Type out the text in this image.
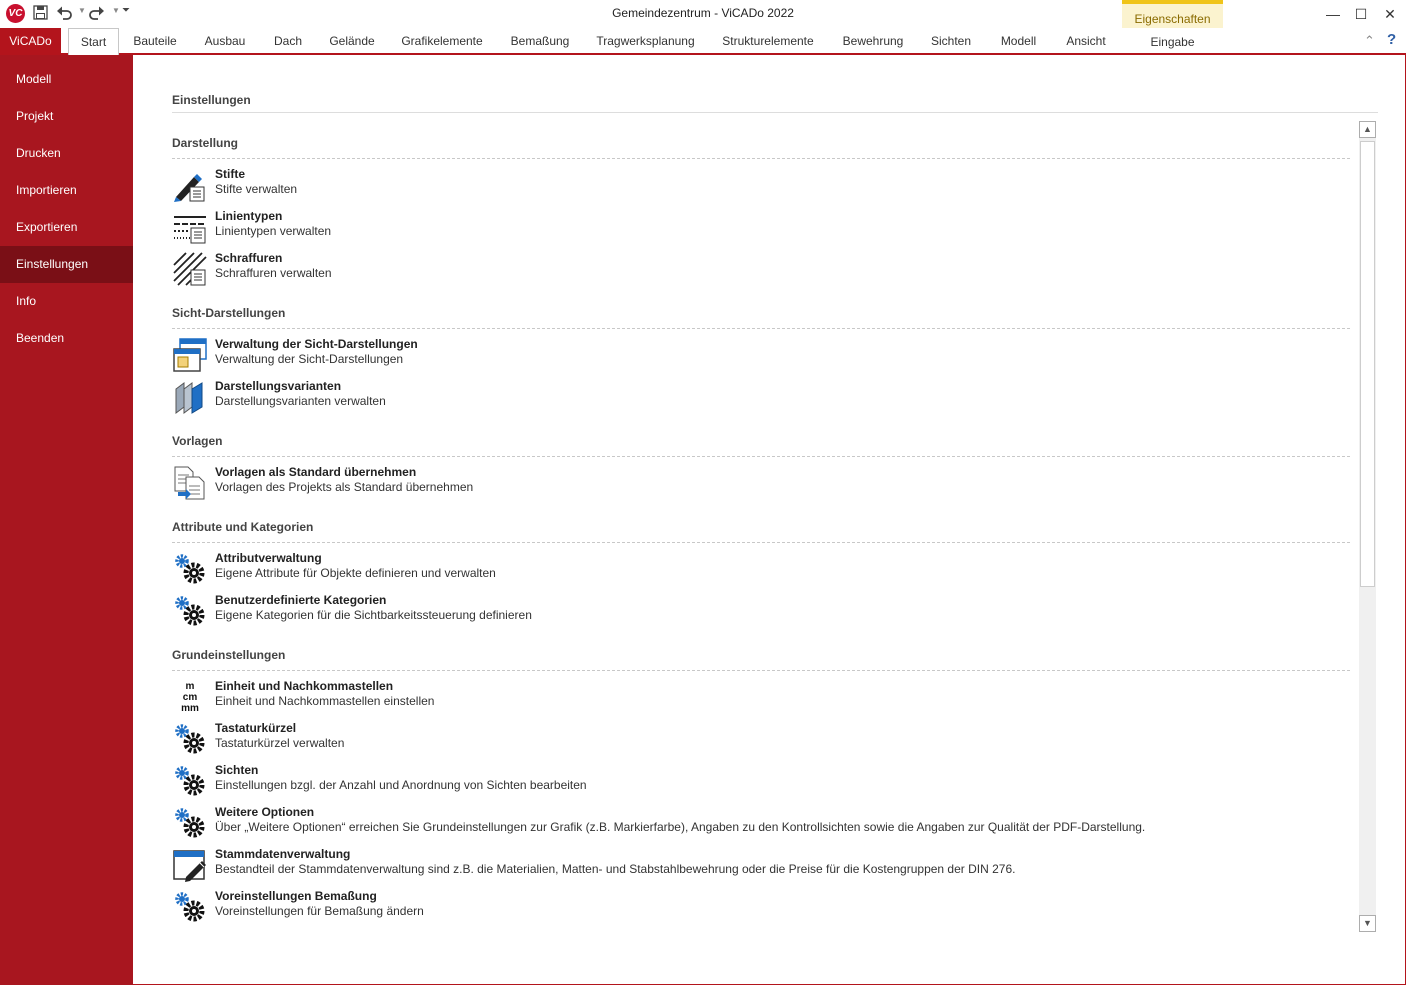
VC	▼	▼ ⏷	Gemeindezentrum - ViCADo 2022	—	☐	✕
Eigenschaften
ViCADo	Start	Bauteile	Ausbau	Dach	Gelände	Grafikelemente	Bemaßung	Tragwerksplanung	Strukturelemente	Bewehrung	Sichten	Modell	Ansicht	Eingabe	⌃ ?
Modell
Projekt
Drucken
Importieren
Exportieren
Einstellungen
Info
Beenden
Einstellungen
Darstellung
Stifte
Stifte verwalten
Linientypen
Linientypen verwalten
Schraffuren
Schraffuren verwalten
Sicht-Darstellungen
Verwaltung der Sicht-Darstellungen
Verwaltung der Sicht-Darstellungen
Darstellungsvarianten
Darstellungsvarianten verwalten
Vorlagen
Vorlagen als Standard übernehmen
Vorlagen des Projekts als Standard übernehmen
Attribute und Kategorien
Attributverwaltung
Eigene Attribute für Objekte definieren und verwalten
Benutzerdefinierte Kategorien
Eigene Kategorien für die Sichtbarkeitssteuerung definieren
Grundeinstellungen
m
cm
mm
Einheit und Nachkommastellen
Einheit und Nachkommastellen einstellen
Tastaturkürzel
Tastaturkürzel verwalten
Sichten
Einstellungen bzgl. der Anzahl und Anordnung von Sichten bearbeiten
Weitere Optionen
Über „Weitere Optionen“ erreichen Sie Grundeinstellungen zur Grafik (z.B. Markierfarbe), Angaben zu den Kontrollsichten sowie die Angaben zur Qualität der PDF-Darstellung.
Stammdatenverwaltung
Bestandteil der Stammdatenverwaltung sind z.B. die Materialien, Matten- und Stabstahlbewehrung oder die Preise für die Kostengruppen der DIN 276.
Voreinstellungen Bemaßung
Voreinstellungen für Bemaßung ändern
▲
▼
